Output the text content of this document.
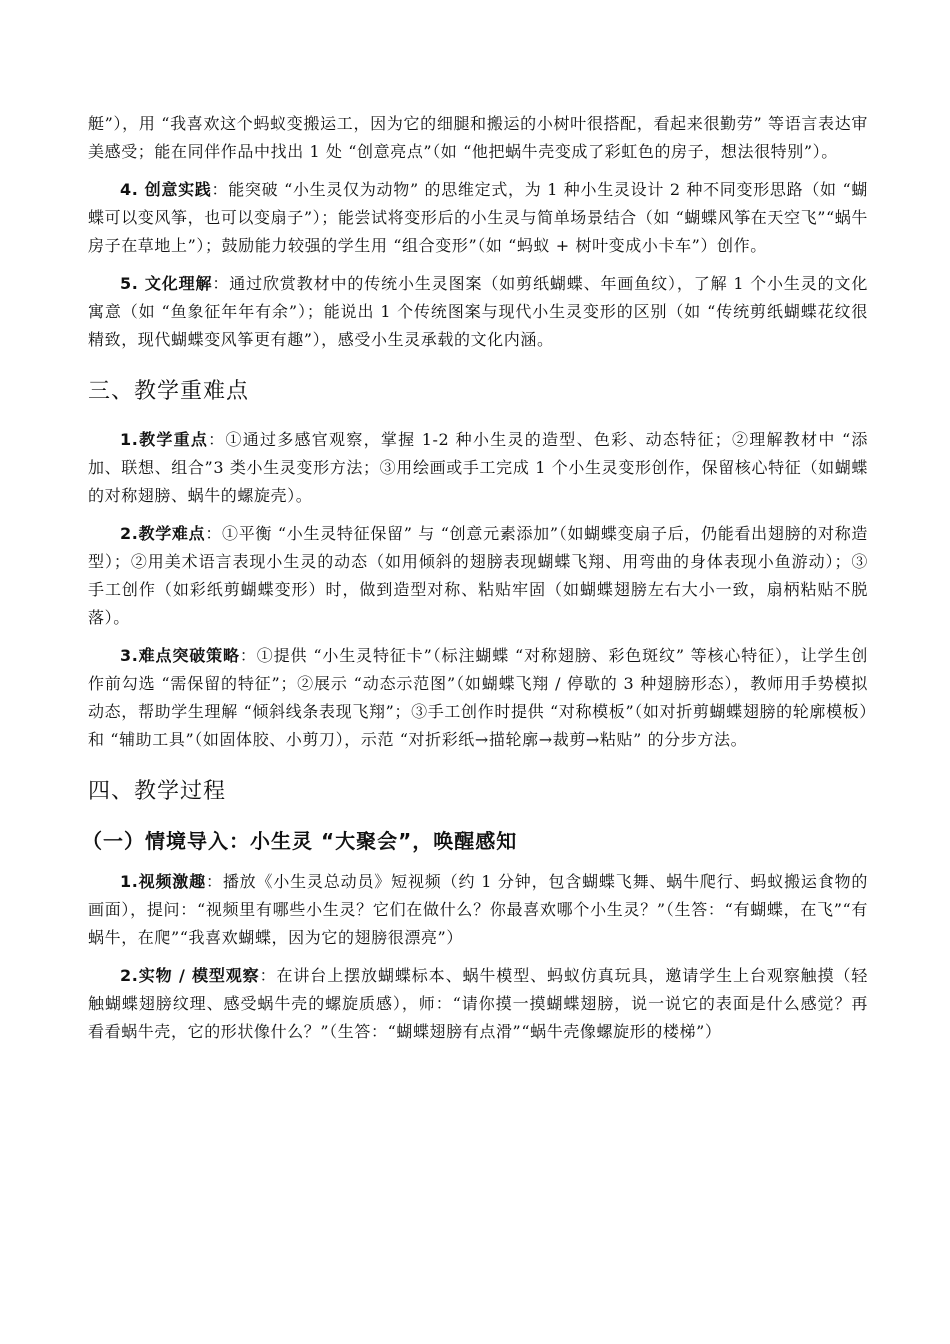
艇”），用 “我喜欢这个蚂蚁变搬运工，因为它的细腿和搬运的小树叶很搭配，看起来很勤劳” 等语言表达审美感受；能在同伴作品中找出 1 处 “创意亮点”（如 “他把蜗牛壳变成了彩虹色的房子，想法很特别”）。

4. 创意实践：能突破 “小生灵仅为动物” 的思维定式，为 1 种小生灵设计 2 种不同变形思路（如 “蝴蝶可以变风筝，也可以变扇子”）；能尝试将变形后的小生灵与简单场景结合（如 “蝴蝶风筝在天空飞”“蜗牛房子在草地上”）；鼓励能力较强的学生用 “组合变形”（如 “蚂蚁 + 树叶变成小卡车”）创作。

5. 文化理解：通过欣赏教材中的传统小生灵图案（如剪纸蝴蝶、年画鱼纹），了解 1 个小生灵的文化寓意（如 “鱼象征年年有余”）；能说出 1 个传统图案与现代小生灵变形的区别（如 “传统剪纸蝴蝶花纹很精致，现代蝴蝶变风筝更有趣”），感受小生灵承载的文化内涵。

三、教学重难点

1.教学重点：①通过多感官观察，掌握 1-2 种小生灵的造型、色彩、动态特征；②理解教材中 “添加、联想、组合”3 类小生灵变形方法；③用绘画或手工完成 1 个小生灵变形创作，保留核心特征（如蝴蝶的对称翅膀、蜗牛的螺旋壳）。

2.教学难点：①平衡 “小生灵特征保留” 与 “创意元素添加”（如蝴蝶变扇子后，仍能看出翅膀的对称造型）；②用美术语言表现小生灵的动态（如用倾斜的翅膀表现蝴蝶飞翔、用弯曲的身体表现小鱼游动）；③手工创作（如彩纸剪蝴蝶变形）时，做到造型对称、粘贴牢固（如蝴蝶翅膀左右大小一致，扇柄粘贴不脱落）。

3.难点突破策略：①提供 “小生灵特征卡”（标注蝴蝶 “对称翅膀、彩色斑纹” 等核心特征），让学生创作前勾选 “需保留的特征”；②展示 “动态示范图”（如蝴蝶飞翔 / 停歇的 3 种翅膀形态），教师用手势模拟动态，帮助学生理解 “倾斜线条表现飞翔”；③手工创作时提供 “对称模板”（如对折剪蝴蝶翅膀的轮廓模板）和 “辅助工具”（如固体胶、小剪刀），示范 “对折彩纸→描轮廓→裁剪→粘贴” 的分步方法。

四、教学过程
（一）情境导入：小生灵 “大聚会”，唤醒感知

1.视频激趣：播放《小生灵总动员》短视频（约 1 分钟，包含蝴蝶飞舞、蜗牛爬行、蚂蚁搬运食物的画面），提问：“视频里有哪些小生灵？它们在做什么？你最喜欢哪个小生灵？”（生答：“有蝴蝶，在飞”“有蜗牛，在爬”“我喜欢蝴蝶，因为它的翅膀很漂亮”）

2.实物 / 模型观察：在讲台上摆放蝴蝶标本、蜗牛模型、蚂蚁仿真玩具，邀请学生上台观察触摸（轻触蝴蝶翅膀纹理、感受蜗牛壳的螺旋质感），师：“请你摸一摸蝴蝶翅膀，说一说它的表面是什么感觉？再看看蜗牛壳，它的形状像什么？”（生答：“蝴蝶翅膀有点滑”“蜗牛壳像螺旋形的楼梯”）
